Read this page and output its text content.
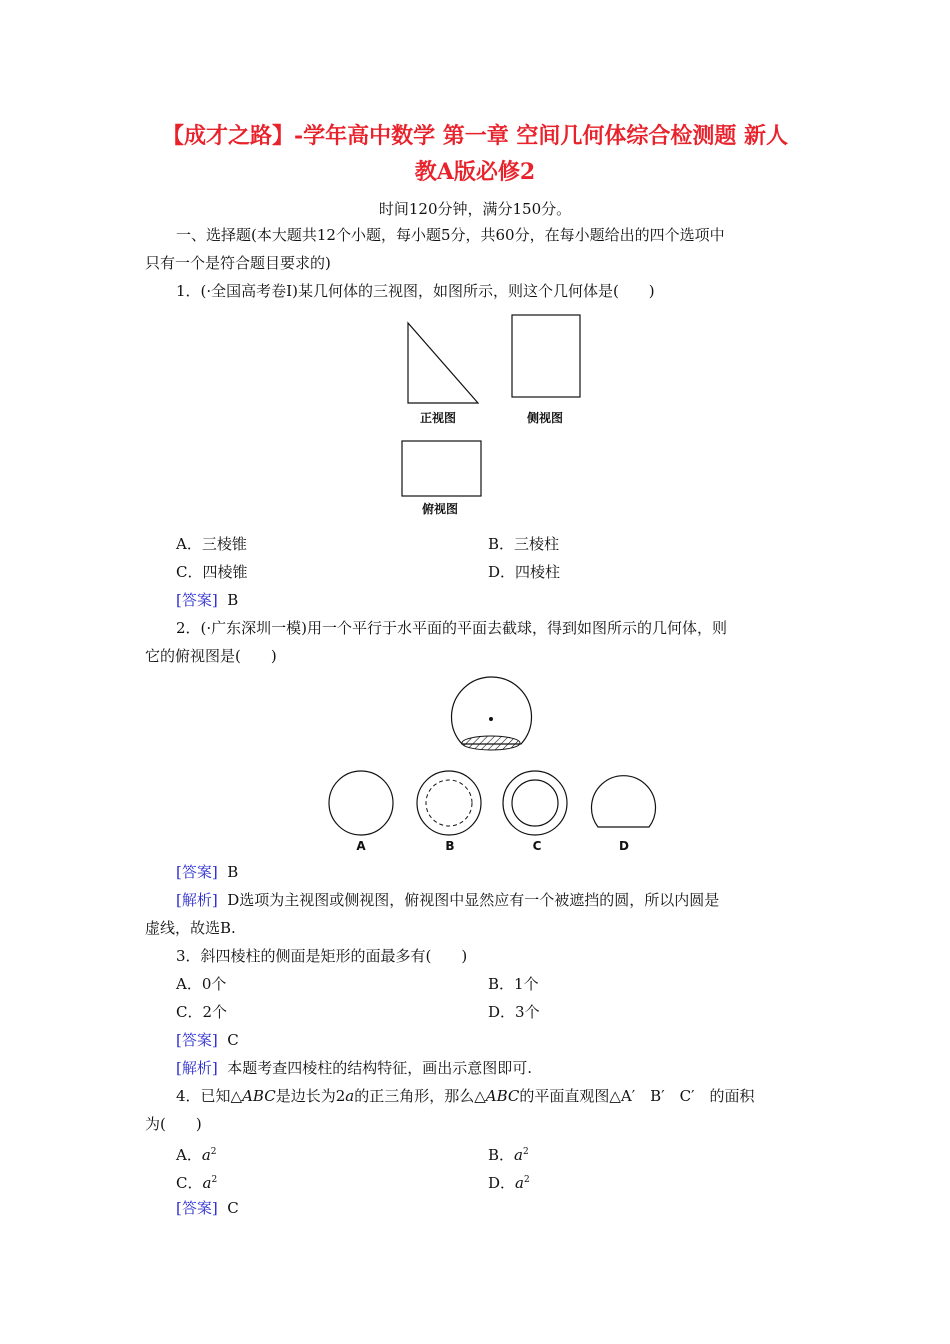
【成才之路】-学年高中数学 第一章 空间几何体综合检测题 新人
教A版必修2
时间120分钟，满分150分。
一、选择题(本大题共12个小题，每小题5分，共60分，在每小题给出的四个选项中
只有一个是符合题目要求的)
1．(·全国高考卷Ⅰ)某几何体的三视图，如图所示，则这个几何体是(　　)
正视图	侧视图
俯视图
A．三棱锥	B．三棱柱
C．四棱锥	D．四棱柱
[答案] B
2．(·广东深圳一模)用一个平行于水平面的平面去截球，得到如图所示的几何体，则
它的俯视图是(　　)
A	B	C	D
[答案] B
[解析] D选项为主视图或侧视图，俯视图中显然应有一个被遮挡的圆，所以内圆是
虚线，故选B.
3．斜四棱柱的侧面是矩形的面最多有(　　)
A．0个	B．1个
C．2个	D．3个
[答案] C
[解析] 本题考查四棱柱的结构特征，画出示意图即可.
4．已知△ABC是边长为2a的正三角形，那么△ABC的平面直观图△A′　B′　C′　的面积
为(　　)
A．$a^2$	B．$a^2$
C．$a^2$	D．$a^2$
[答案] C
